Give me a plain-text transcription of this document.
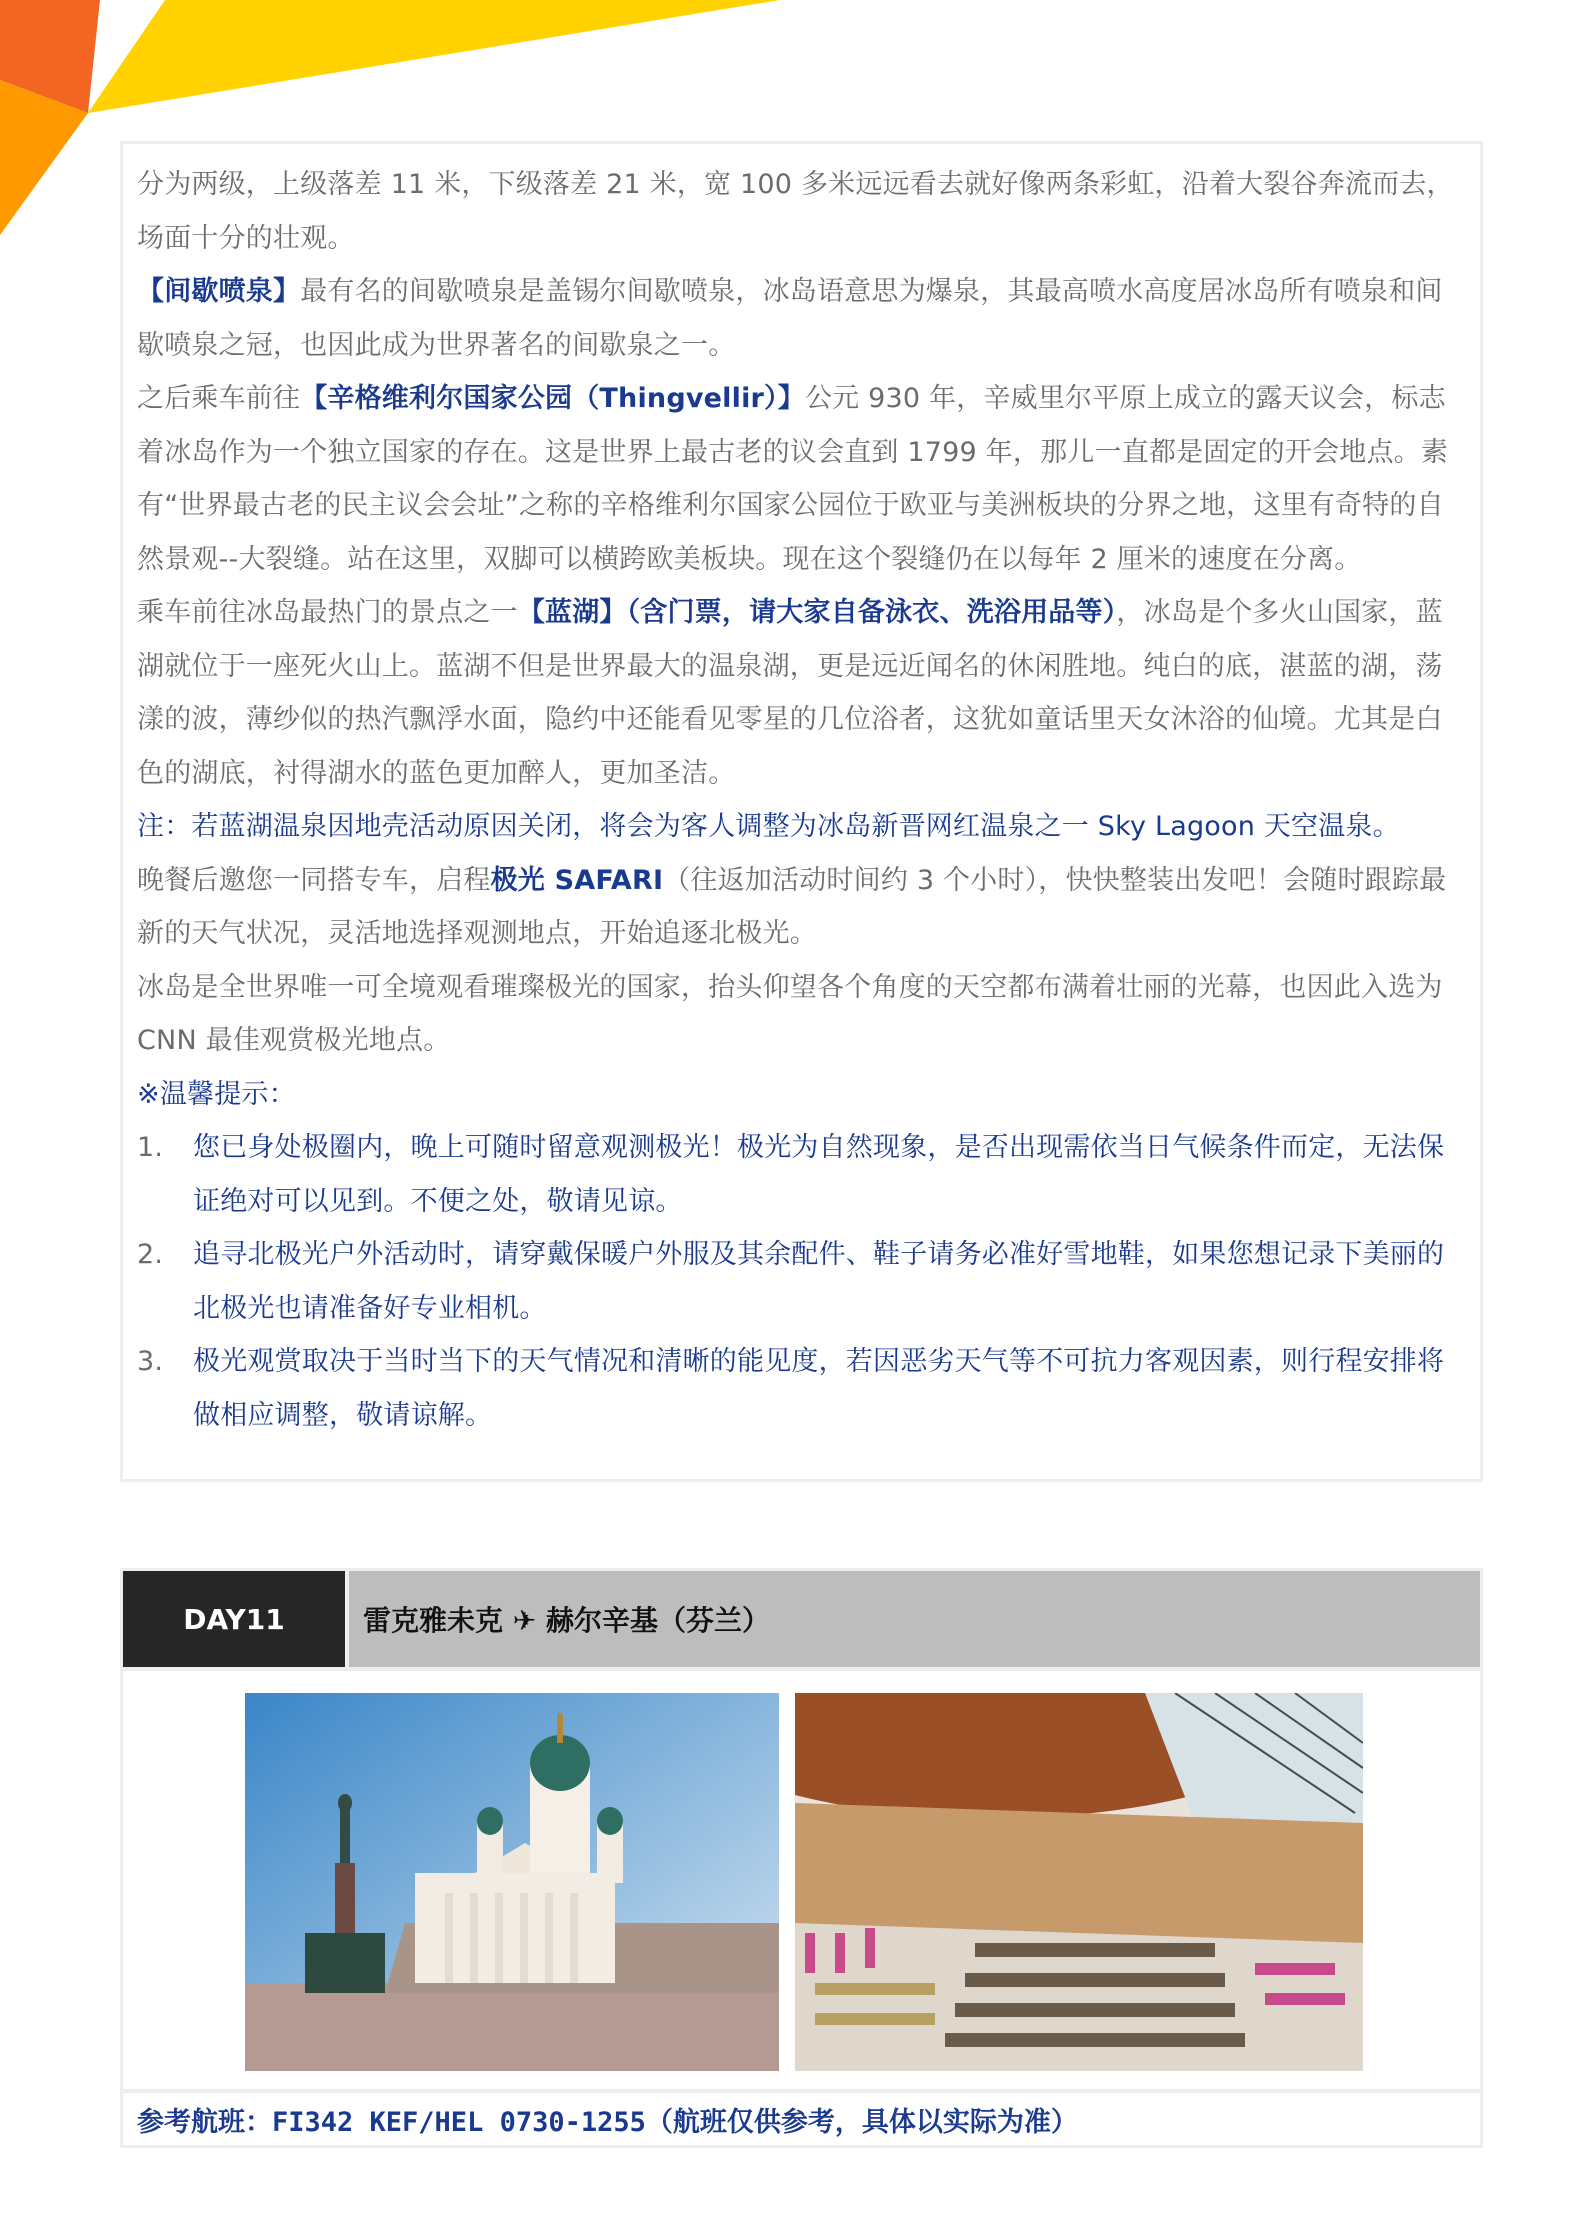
分为两级，上级落差 11 米，下级落差 21 米，宽 100 多米远远看去就好像两条彩虹，沿着大裂谷奔流而去，场面十分的壮观。

【间歇喷泉】最有名的间歇喷泉是盖锡尔间歇喷泉，冰岛语意思为爆泉，其最高喷水高度居冰岛所有喷泉和间歇喷泉之冠，也因此成为世界著名的间歇泉之一。

之后乘车前往【辛格维利尔国家公园（Thingvellir）】公元 930 年，辛威里尔平原上成立的露天议会，标志着冰岛作为一个独立国家的存在。这是世界上最古老的议会直到 1799 年，那儿一直都是固定的开会地点。素有“世界最古老的民主议会会址”之称的辛格维利尔国家公园位于欧亚与美洲板块的分界之地，这里有奇特的自然景观--大裂缝。站在这里，双脚可以横跨欧美板块。现在这个裂缝仍在以每年 2 厘米的速度在分离。

乘车前往冰岛最热门的景点之一【蓝湖】（含门票，请大家自备泳衣、洗浴用品等），冰岛是个多火山国家，蓝湖就位于一座死火山上。蓝湖不但是世界最大的温泉湖，更是远近闻名的休闲胜地。纯白的底，湛蓝的湖，荡漾的波，薄纱似的热汽飘浮水面，隐约中还能看见零星的几位浴者，这犹如童话里天女沐浴的仙境。尤其是白色的湖底，衬得湖水的蓝色更加醉人，更加圣洁。

注：若蓝湖温泉因地壳活动原因关闭，将会为客人调整为冰岛新晋网红温泉之一 Sky Lagoon 天空温泉。

晚餐后邀您一同搭专车，启程极光 SAFARI（往返加活动时间约 3 个小时），快快整装出发吧！会随时跟踪最新的天气状况，灵活地选择观测地点，开始追逐北极光。

冰岛是全世界唯一可全境观看璀璨极光的国家，抬头仰望各个角度的天空都布满着壮丽的光幕，也因此入选为 CNN 最佳观赏极光地点。

※温馨提示：

1.	您已身处极圈内，晚上可随时留意观测极光！极光为自然现象，是否出现需依当日气候条件而定，无法保证绝对可以见到。不便之处，敬请见谅。
2.	追寻北极光户外活动时，请穿戴保暖户外服及其余配件、鞋子请务必准好雪地鞋，如果您想记录下美丽的北极光也请准备好专业相机。
3.	极光观赏取决于当时当下的天气情况和清晰的能见度，若因恶劣天气等不可抗力客观因素，则行程安排将做相应调整，敬请谅解。
DAY11	雷克雅未克 ✈ 赫尔辛基（芬兰）
参考航班：FI342 KEF/HEL 0730-1255（航班仅供参考，具体以实际为准）
